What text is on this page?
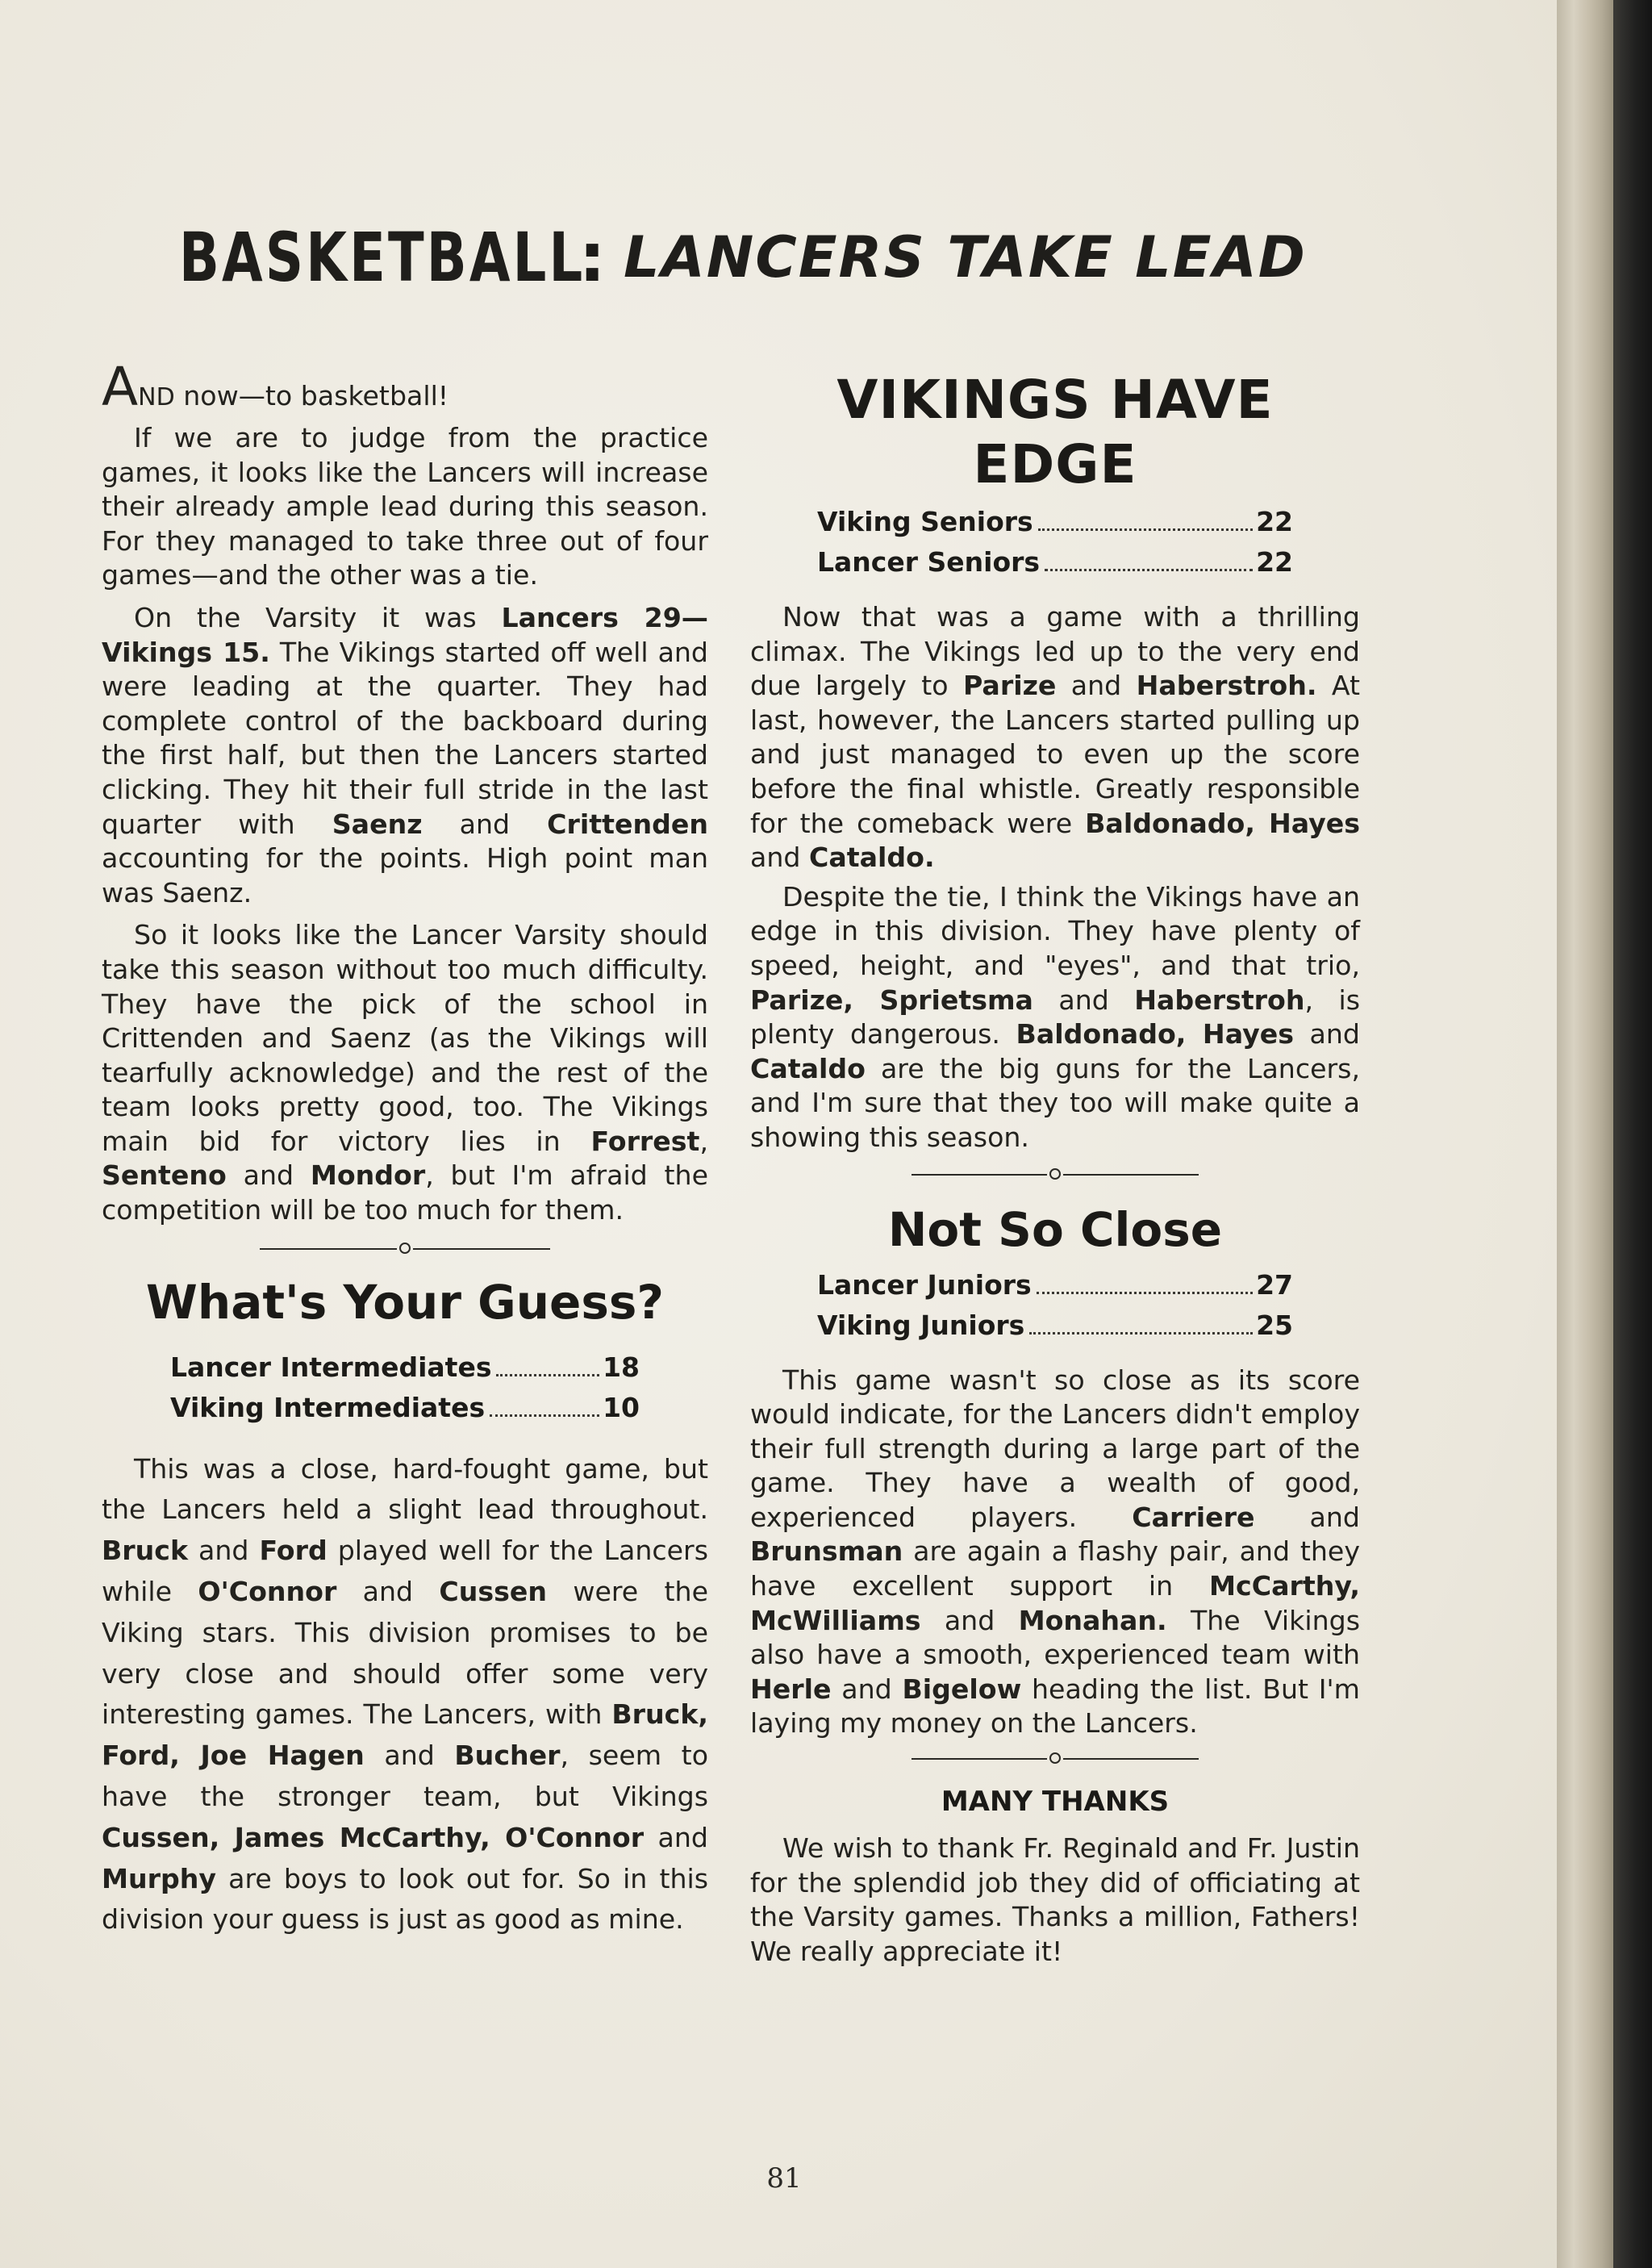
BASKETBALL: LANCERS TAKE LEAD

AND now—to basketball!

If we are to judge from the practice games, it looks like the Lancers will increase their already ample lead during this season. For they managed to take three out of four games—and the other was a tie.

On the Varsity it was Lancers 29—Vikings 15. The Vikings started off well and were leading at the quarter. They had complete control of the backboard during the first half, but then the Lancers started clicking. They hit their full stride in the last quarter with Saenz and Crittenden accounting for the points. High point man was Saenz.

So it looks like the Lancer Varsity should take this season without too much difficulty. They have the pick of the school in Crittenden and Saenz (as the Vikings will tearfully acknowledge) and the rest of the team looks pretty good, too. The Vikings main bid for victory lies in Forrest, Senteno and Mondor, but I'm afraid the competition will be too much for them.

What's Your Guess?
Lancer Intermediates	18
Viking Intermediates	10

This was a close, hard-fought game, but the Lancers held a slight lead throughout. Bruck and Ford played well for the Lancers while O'Connor and Cussen were the Viking stars. This division promises to be very close and should offer some very interesting games. The Lancers, with Bruck, Ford, Joe Hagen and Bucher, seem to have the stronger team, but Vikings Cussen, James McCarthy, O'Connor and Murphy are boys to look out for. So in this division your guess is just as good as mine.

VIKINGS HAVE EDGE
Viking Seniors	22
Lancer Seniors	22

Now that was a game with a thrilling climax. The Vikings led up to the very end due largely to Parize and Haberstroh. At last, however, the Lancers started pulling up and just managed to even up the score before the final whistle. Greatly responsible for the comeback were Baldonado, Hayes and Cataldo.

Despite the tie, I think the Vikings have an edge in this division. They have plenty of speed, height, and "eyes", and that trio, Parize, Sprietsma and Haberstroh, is plenty dangerous. Baldonado, Hayes and Cataldo are the big guns for the Lancers, and I'm sure that they too will make quite a showing this season.

Not So Close
Lancer Juniors	27
Viking Juniors	25

This game wasn't so close as its score would indicate, for the Lancers didn't employ their full strength during a large part of the game. They have a wealth of good, experienced players. Carriere and Brunsman are again a flashy pair, and they have excellent support in McCarthy, McWilliams and Monahan. The Vikings also have a smooth, experienced team with Herle and Bigelow heading the list. But I'm laying my money on the Lancers.

MANY THANKS

We wish to thank Fr. Reginald and Fr. Justin for the splendid job they did of officiating at the Varsity games. Thanks a million, Fathers! We really appreciate it!

81
